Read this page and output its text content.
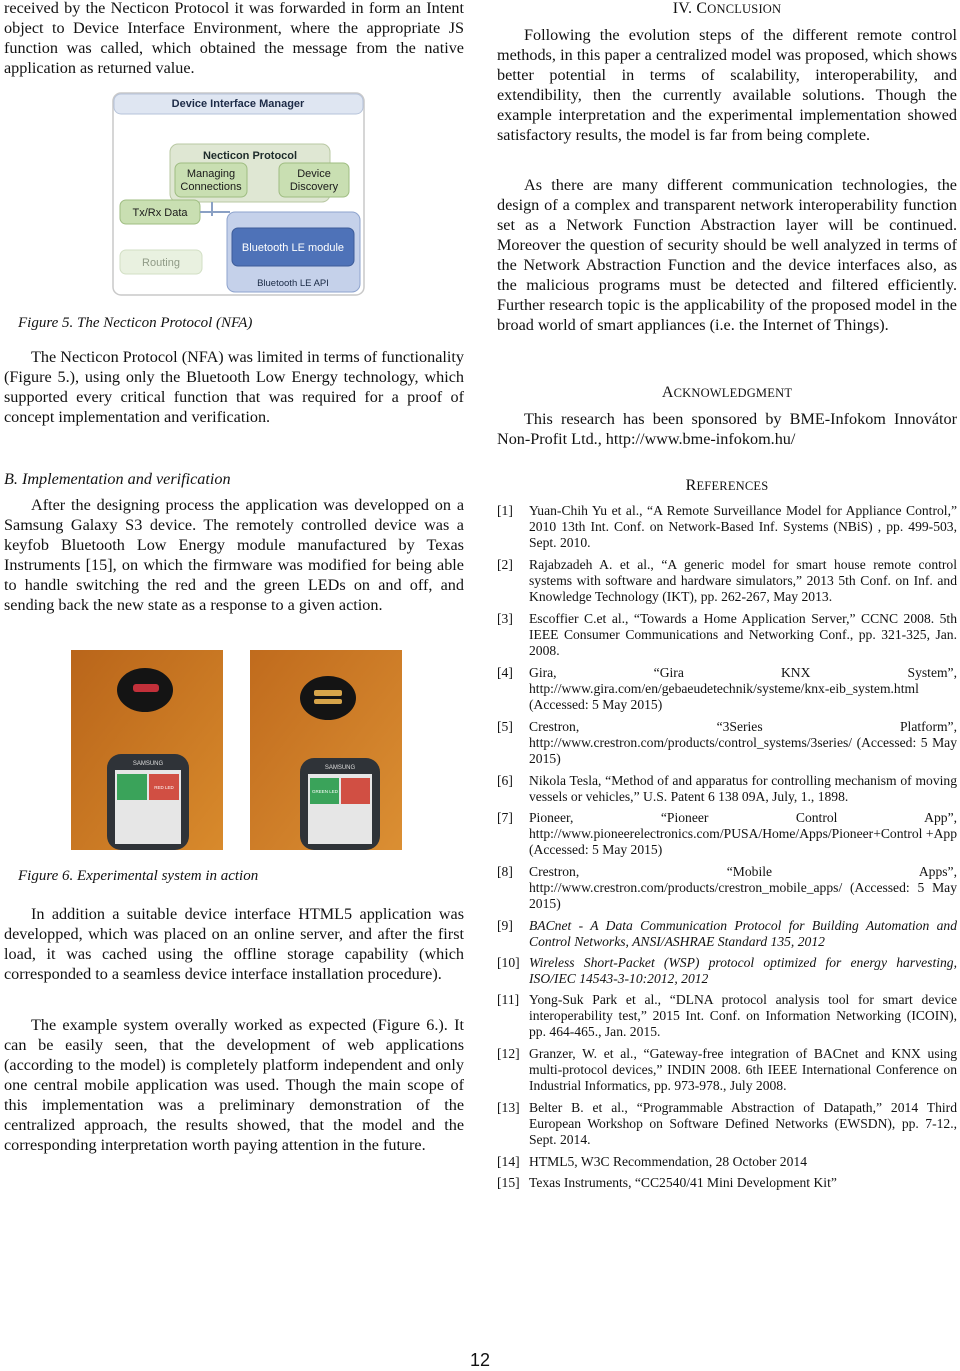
received by the Necticon Protocol it was forwarded in form an Intent object to Device Interface Environment, where the appropriate JS function was called, which obtained the message from the native application as returned value.

Device Interface Manager
Necticon Protocol
Managing
Connections
Device
Discovery
Tx/Rx Data
Bluetooth LE module
Bluetooth LE API
Routing

Figure 5. The Necticon Protocol (NFA)

The Necticon Protocol (NFA) was limited in terms of functionality (Figure 5.), using only the Bluetooth Low Energy technology, which supported every critical function that was required for a proof of concept implementation and verification.

B. Implementation and verification

After the designing process the application was developped on a Samsung Galaxy S3 device. The remotely controlled device was a keyfob Bluetooth Low Energy module manufactured by Texas Instruments [15], on which the firmware was modified for being able to handle switching the red and the green LEDs on and off, and sending back the new state as a response to a given action.

SAMSUNG
RED LED
SAMSUNG
GREEN LED

Figure 6. Experimental system in action

In addition a suitable device interface HTML5 application was developped, which was placed on an online server, and after the first load, it was cached using the offline storage capability (which corresponded to a seamless device interface installation procedure).

The example system overally worked as expected (Figure 6.). It can be easily seen, that the development of web applications (according to the model) is completely platform independent and only one central mobile application was used. Though the main scope of this implementation was a preliminary demonstration of the centralized approach, the results showed, that the model and the corresponding interpretation worth paying attention in the future.

IV. CONCLUSION

Following the evolution steps of the different remote control methods, in this paper a centralized model was proposed, which shows better potential in terms of scalability, interoperability, and extendibility, then the currently available solutions. Though the example interpretation and the experimental implementation showed satisfactory results, the model is far from being complete.

As there are many different communication technologies, the design of a complex and transparent network interoperability function set as a Network Function Abstraction layer will be continued. Moreover the question of security should be well analyzed in terms of the Network Abstraction Function and the device interfaces also, as the malicious programs must be detected and filtered efficiently. Further research topic is the applicability of the proposed model in the broad world of smart appliances (i.e. the Internet of Things).

ACKNOWLEDGMENT

This research has been sponsored by BME-Infokom Innovátor Non-Profit Ltd., http://www.bme-infokom.hu/

REFERENCES

[1] Yuan-Chih Yu et al., “A Remote Surveillance Model for Appliance Control,” 2010 13th Int. Conf. on Network-Based Inf. Systems (NBiS) , pp. 499-503, Sept. 2010.
[2] Rajabzadeh A. et al., “A generic model for smart house remote control systems with software and hardware simulators,” 2013 5th Conf. on Inf. and Knowledge Technology (IKT), pp. 262-267, May 2013.
[3] Escoffier C.et al., “Towards a Home Application Server,” CCNC 2008. 5th IEEE Consumer Communications and Networking Conf., pp. 321-325, Jan. 2008.
[4] Gira, “Gira KNX System”, http://www.gira.com/en/gebaeudetechnik/systeme/knx-eib_system.html (Accessed: 5 May 2015)
[5] Crestron, “3Series Platform”, http://www.crestron.com/products/control_systems/3series/ (Accessed: 5 May 2015)
[6] Nikola Tesla, “Method of and apparatus for controlling mechanism of moving vessels or vehicles,” U.S. Patent 6 138 09A, July, 1., 1898.
[7] Pioneer, “Pioneer Control App”, http://www.pioneerelectronics.com/PUSA/Home/Apps/Pioneer+Control +App (Accessed: 5 May 2015)
[8] Crestron, “Mobile Apps”, http://www.crestron.com/products/crestron_mobile_apps/ (Accessed: 5 May 2015)
[9] BACnet - A Data Communication Protocol for Building Automation and Control Networks, ANSI/ASHRAE Standard 135, 2012
[10] Wireless Short-Packet (WSP) protocol optimized for energy harvesting, ISO/IEC 14543-3-10:2012, 2012
[11] Yong-Suk Park et al., “DLNA protocol analysis tool for smart device interoperability test,” 2015 Int. Conf. on Information Networking (ICOIN), pp. 464-465., Jan. 2015.
[12] Granzer, W. et al., “Gateway-free integration of BACnet and KNX using multi-protocol devices,” INDIN 2008. 6th IEEE International Conference on Industrial Informatics, pp. 973-978., July 2008.
[13] Belter B. et al., “Programmable Abstraction of Datapath,” 2014 Third European Workshop on Software Defined Networks (EWSDN), pp. 7-12., Sept. 2014.
[14] HTML5, W3C Recommendation, 28 October 2014
[15] Texas Instruments, “CC2540/41 Mini Development Kit”
12
